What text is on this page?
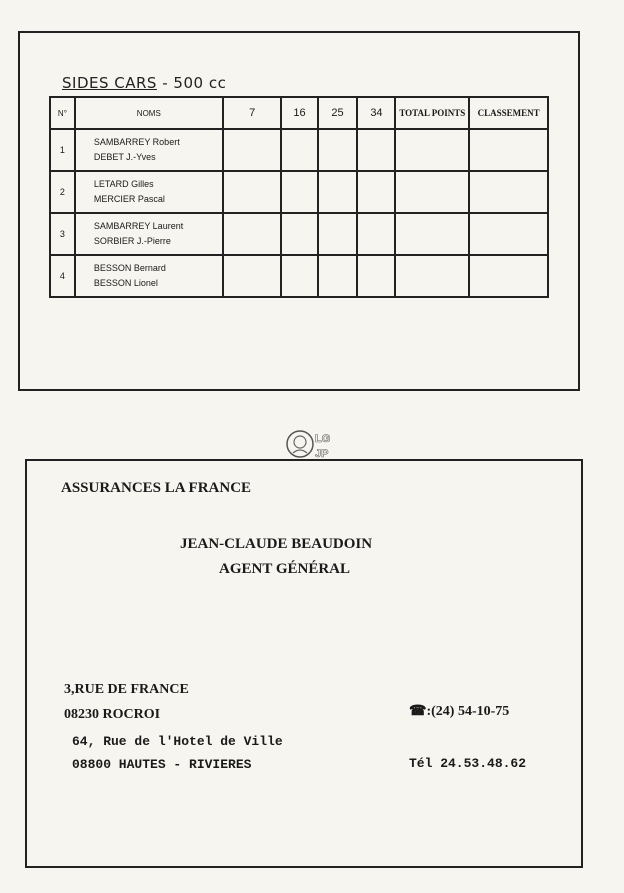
SIDES CARS - 500 cc
N°	NOMS	7	16	25	34	TOTAL POINTS	CLASSEMENT
1	SAMBARREY Robert
DEBET J.-Yves						

2	LETARD Gilles
MERCIER Pascal						

3	SAMBARREY Laurent
SORBIER J.-Pierre						

4	BESSON Bernard
BESSON Lionel						

LG
JP
ASSURANCES LA FRANCE
JEAN-CLAUDE BEAUDOIN
AGENT GÉNÉRAL
3,RUE DE FRANCE
08230 ROCROI	☎:(24) 54-10-75
64, Rue de l'Hotel de Ville
08800 HAUTES - RIVIERES	Tél 24.53.48.62
